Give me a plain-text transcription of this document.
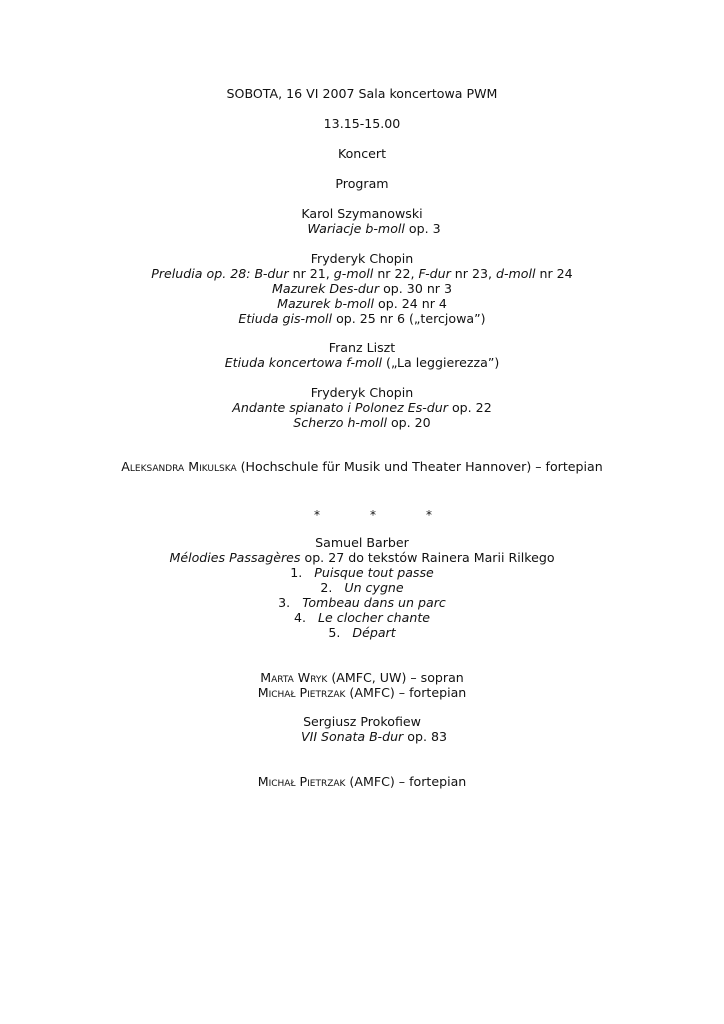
SOBOTA, 16 VI 2007 Sala koncertowa PWM
13.15-15.00
Koncert
Program
Karol Szymanowski
Wariacje b-moll op. 3
Fryderyk Chopin
Preludia op. 28: B-dur nr 21, g-moll nr 22, F-dur nr 23, d-moll nr 24
Mazurek Des-dur op. 30 nr 3
Mazurek b-moll op. 24 nr 4
Etiuda gis-moll op. 25 nr 6 („tercjowa”)
Franz Liszt
Etiuda koncertowa f-moll („La leggierezza”)
Fryderyk Chopin
Andante spianato i Polonez Es-dur op. 22
Scherzo h-moll op. 20
Aleksandra Mikulska (Hochschule für Musik und Theater Hannover) – fortepian
*	*	*
Samuel Barber
Mélodies Passagères op. 27 do tekstów Rainera Marii Rilkego
1. Puisque tout passe
2. Un cygne
3. Tombeau dans un parc
4. Le clocher chante
5. Départ
Marta Wryk (AMFC, UW) – sopran
Michał Pietrzak (AMFC) – fortepian
Sergiusz Prokofiew
VII Sonata B-dur op. 83
Michał Pietrzak (AMFC) – fortepian
